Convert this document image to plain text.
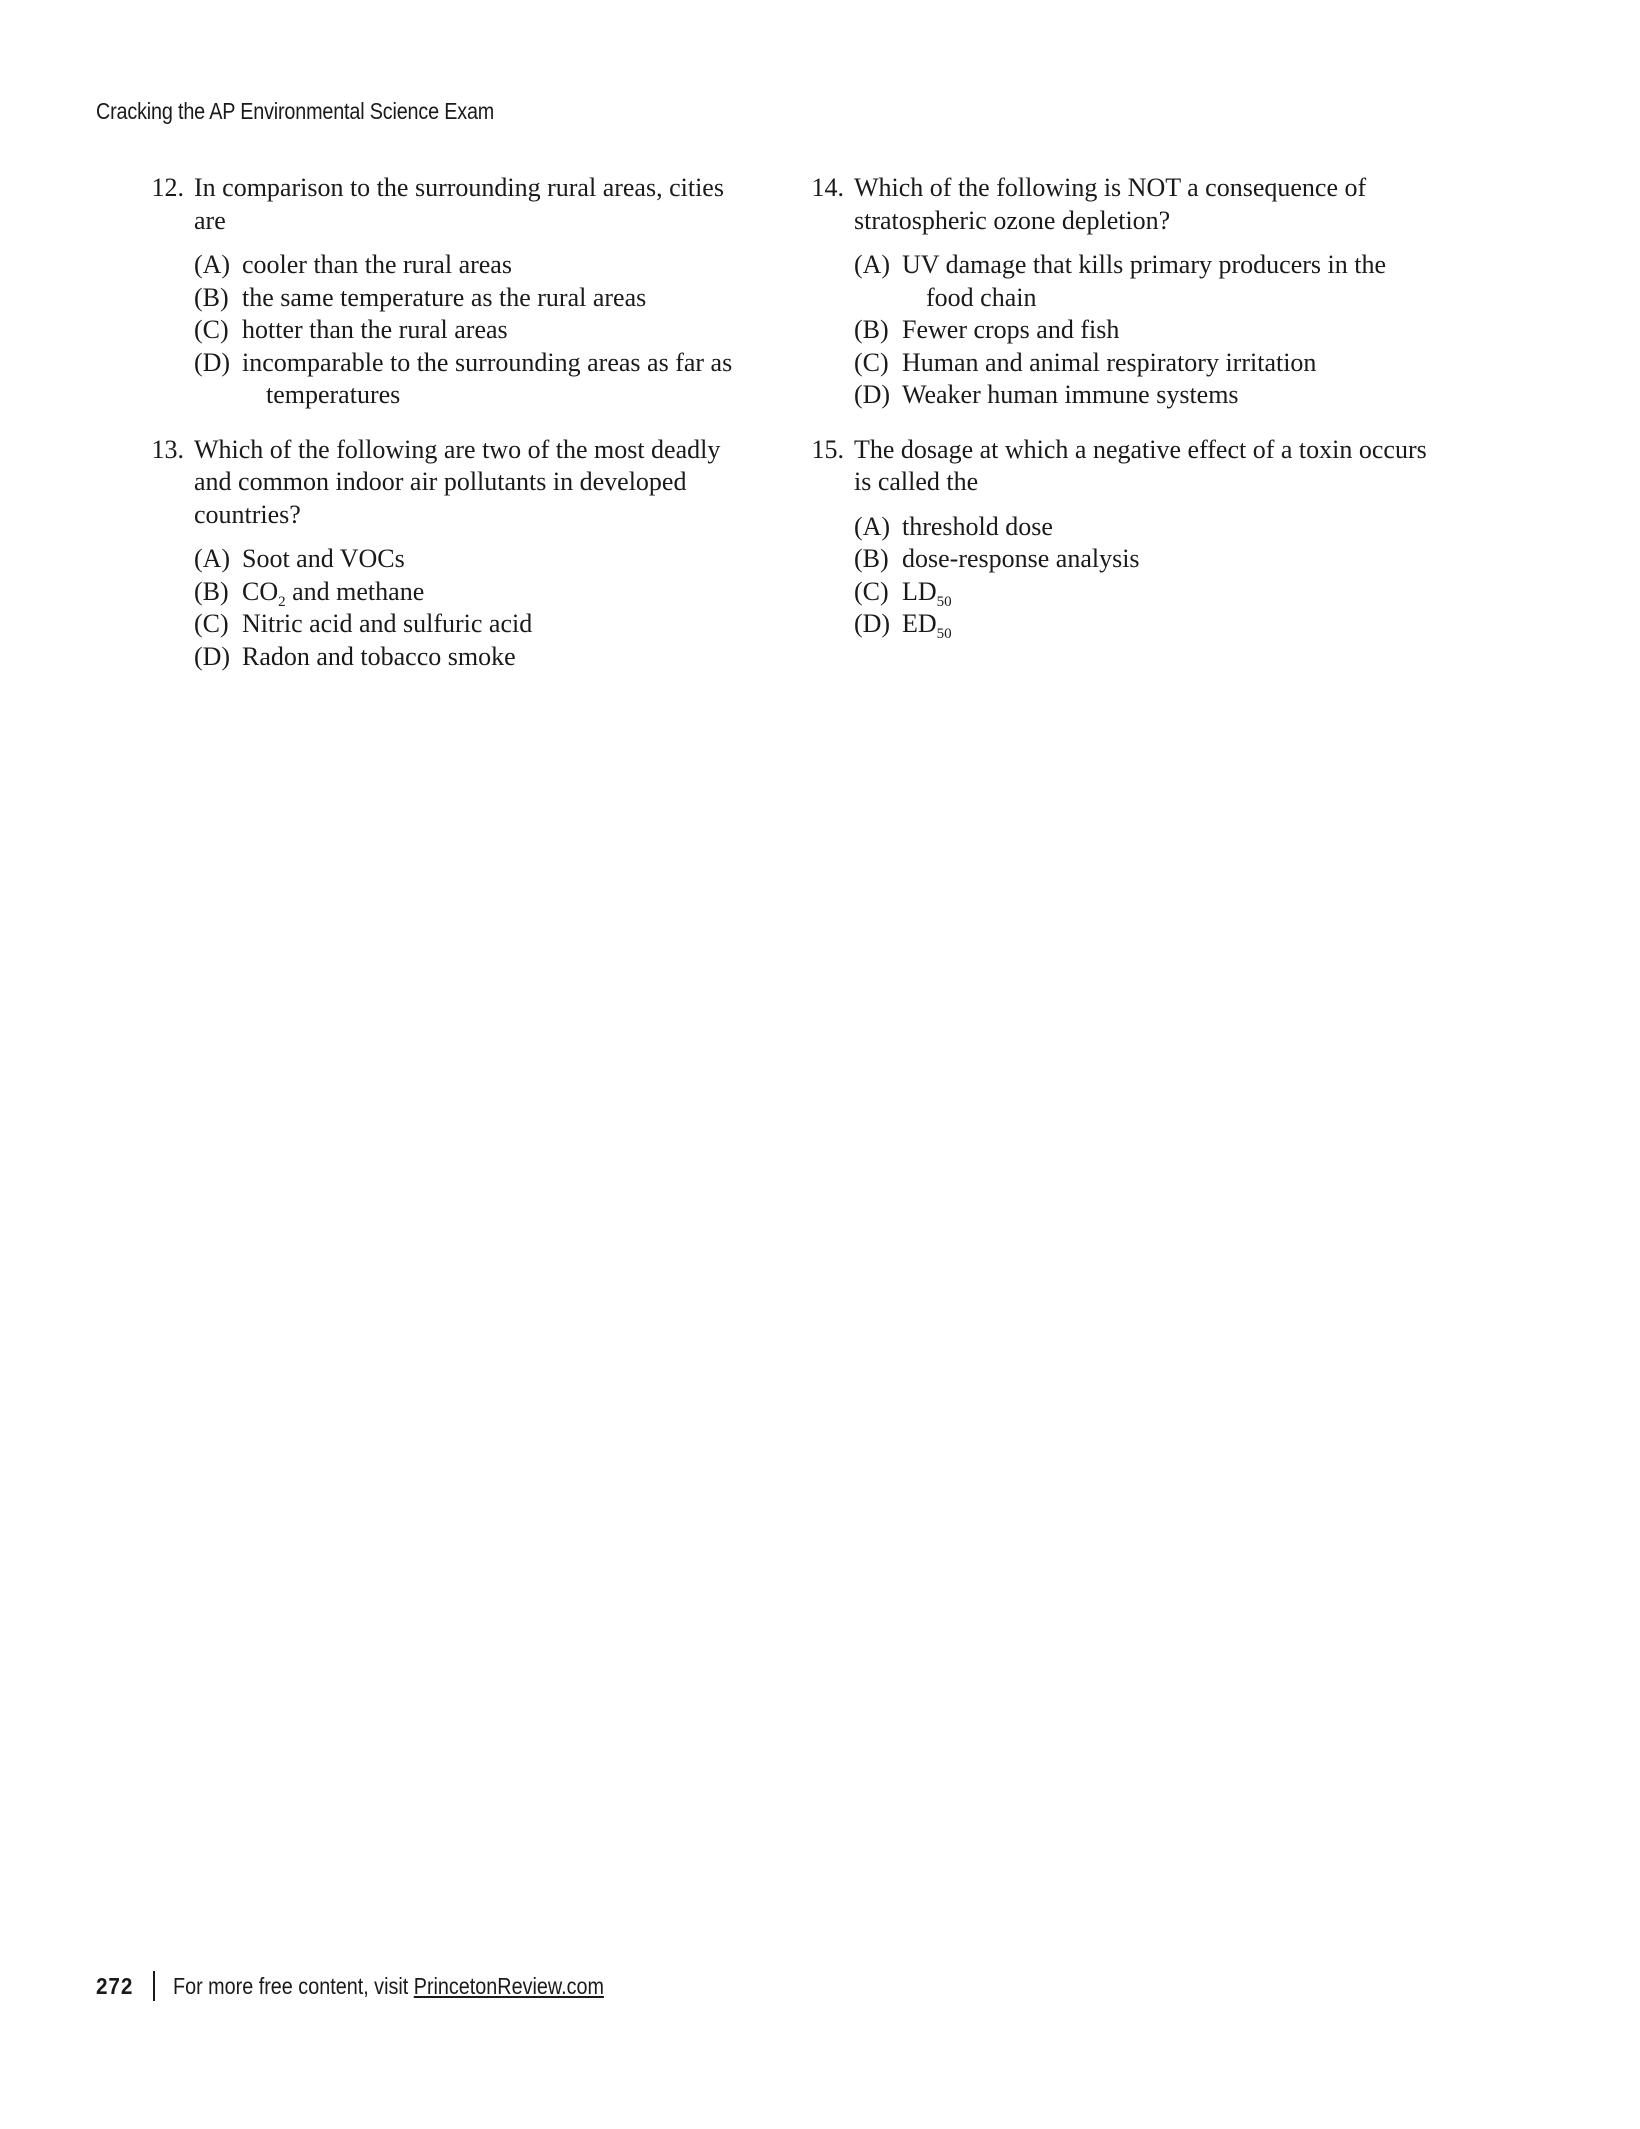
Cracking the AP Environmental Science Exam
12. In comparison to the surrounding rural areas, cities are
(A) cooler than the rural areas
(B) the same temperature as the rural areas
(C) hotter than the rural areas
(D) incomparable to the surrounding areas as far as
temperatures
13. Which of the following are two of the most deadly and common indoor air pollutants in developed countries?
(A) Soot and VOCs
(B) $CO_2$ and methane
(C) Nitric acid and sulfuric acid
(D) Radon and tobacco smoke
14. Which of the following is NOT a consequence of stratospheric ozone depletion?
(A) UV damage that kills primary producers in the
food chain
(B) Fewer crops and fish
(C) Human and animal respiratory irritation
(D) Weaker human immune systems
15. The dosage at which a negative effect of a toxin occurs is called the
(A) threshold dose
(B) dose-response analysis
(C) $LD_{50}$
(D) $ED_{50}$
272 For more free content, visit PrincetonReview.com
